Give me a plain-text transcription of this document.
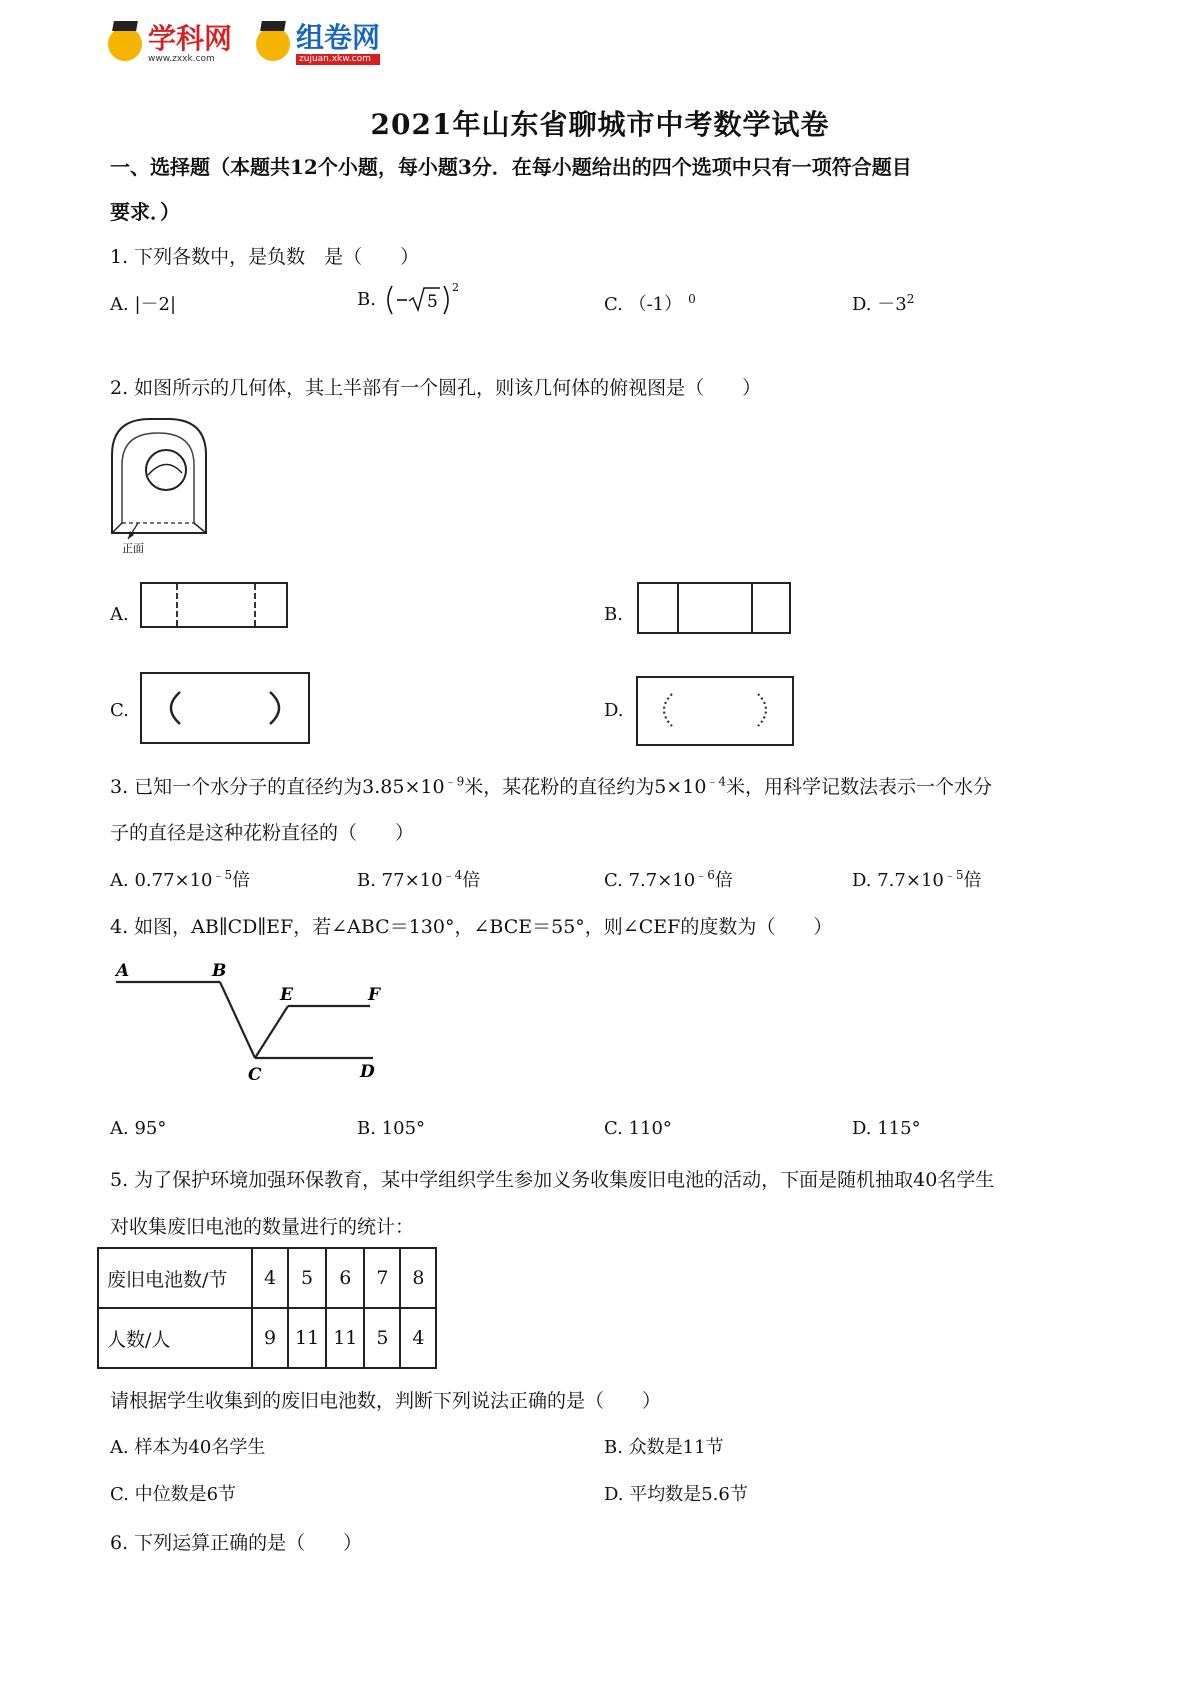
学科网
www.zxxk.com
组卷网
zujuan.xkw.com
2021年山东省聊城市中考数学试卷
一、选择题（本题共12个小题，每小题3分．在每小题给出的四个选项中只有一项符合题目
要求．）
1. 下列各数中，是负数　是（　　）
A. |－2|	B.	5
2
C. （-1） $^0$	D. $-3^2$
2. 如图所示的几何体，其上半部有一个圆孔，则该几何体的俯视图是（　　）
正面
A.	B.
C.	D.
3. 已知一个水分子的直径约为$3.85\times 10^{﹣9}$米，某花粉的直径约为$5\times 10^{﹣4}$米，用科学记数法表示一个水分
子的直径是这种花粉直径的（　　）
A. $0.77\times 10^{﹣5}$倍	B. $77\times 10^{﹣4}$倍	C. $7.7\times 10^{﹣6}$倍	D. $7.7\times 10^{﹣5}$倍
4. 如图，AB∥CD∥EF，若∠ABC＝130°，∠BCE＝55°，则∠CEF的度数为（　　）
A	B
C	D
E	F
A. 95°	B. 105°	C. 110°	D. 115°
5. 为了保护环境加强环保教育，某中学组织学生参加义务收集废旧电池的活动，下面是随机抽取40名学生
对收集废旧电池的数量进行的统计：
废旧电池数/节	4	5	6	7	8
人数/人	9	11	11	5	4
请根据学生收集到的废旧电池数，判断下列说法正确的是（　　）
A. 样本为40名学生	B. 众数是11节
C. 中位数是6节	D. 平均数是5.6节
6. 下列运算正确的是（　　）
